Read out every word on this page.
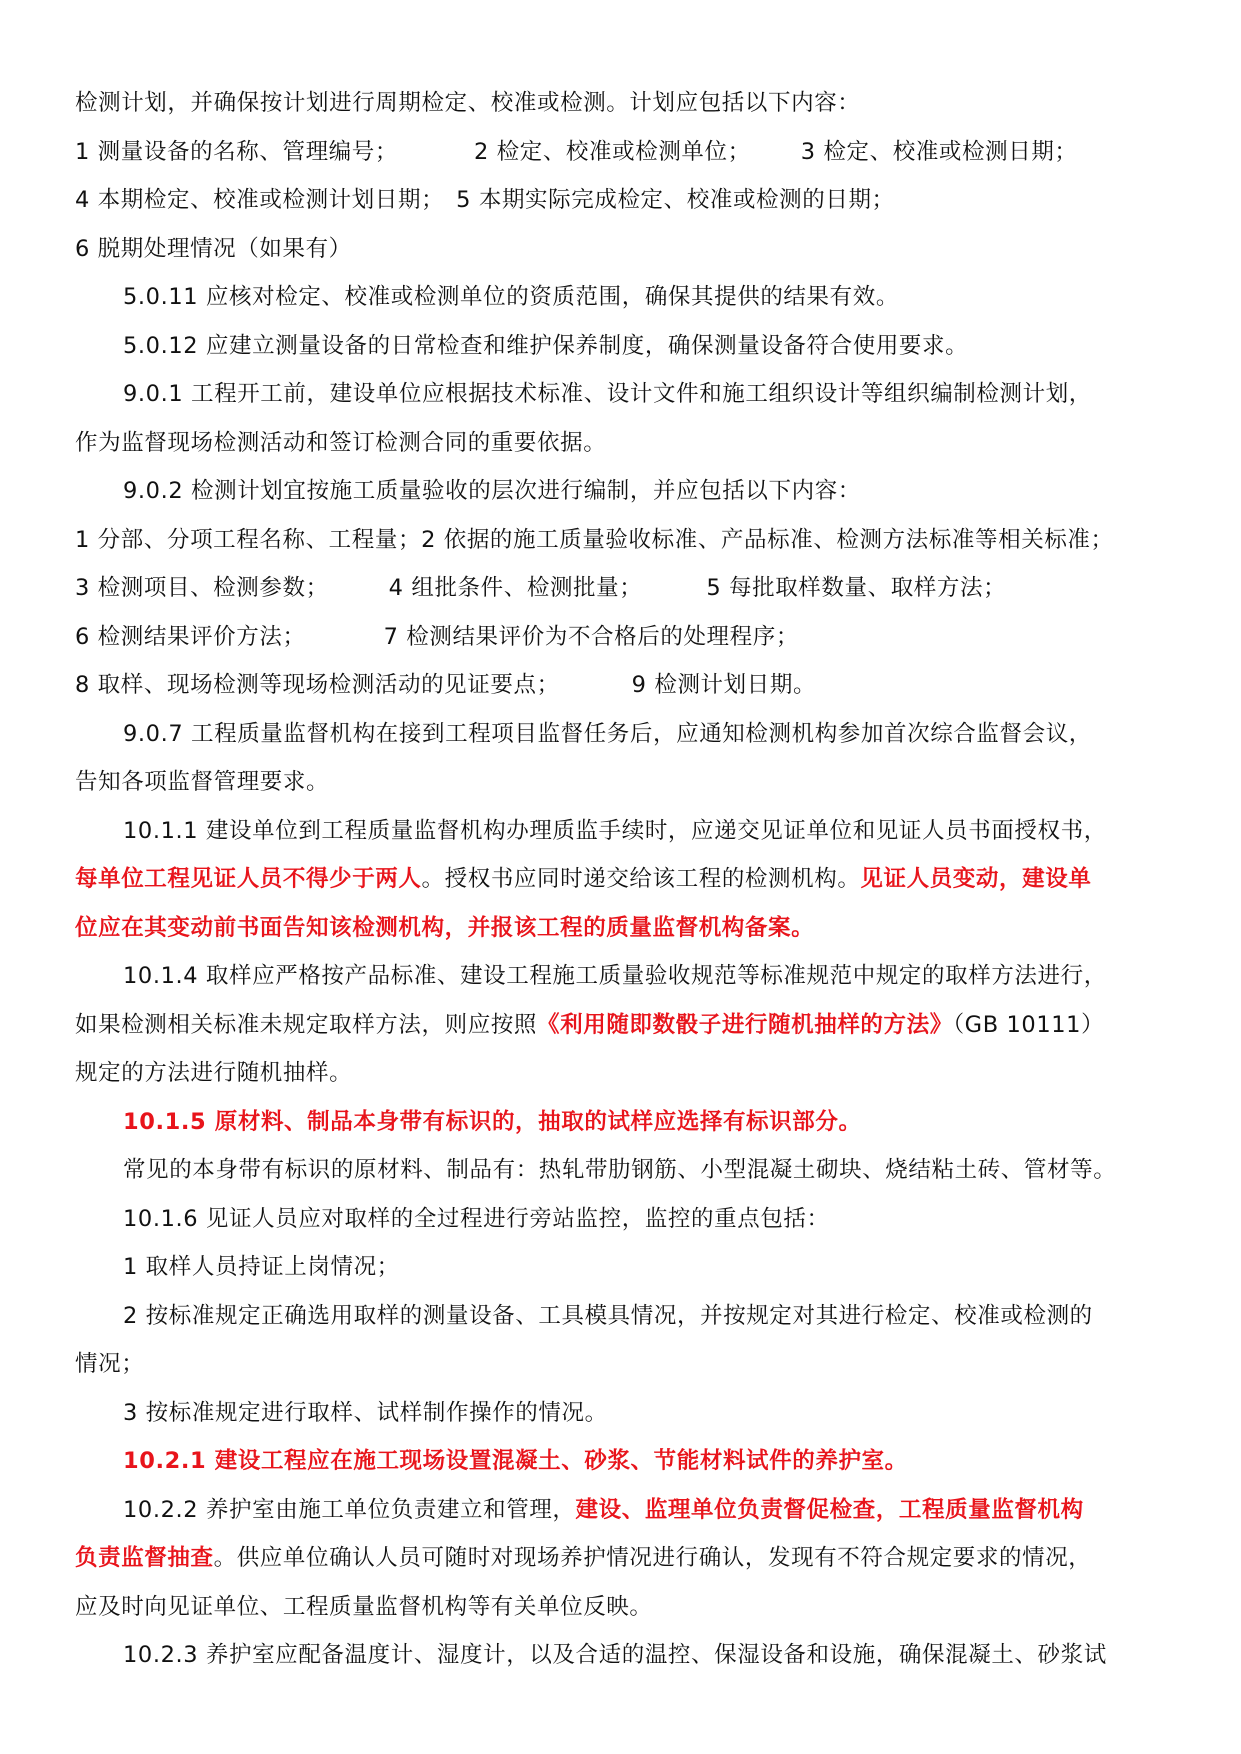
检测计划，并确保按计划进行周期检定、校准或检测。计划应包括以下内容：
1 测量设备的名称、管理编号；	2 检定、校准或检测单位； 3 检定、校准或检测日期；
4 本期检定、校准或检测计划日期； 5 本期实际完成检定、校准或检测的日期；
6 脱期处理情况（如果有）
5.0.11 应核对检定、校准或检测单位的资质范围，确保其提供的结果有效。
5.0.12 应建立测量设备的日常检查和维护保养制度，确保测量设备符合使用要求。
9.0.1 工程开工前，建设单位应根据技术标准、设计文件和施工组织设计等组织编制检测计划，
作为监督现场检测活动和签订检测合同的重要依据。
9.0.2 检测计划宜按施工质量验收的层次进行编制，并应包括以下内容：
1 分部、分项工程名称、工程量；2 依据的施工质量验收标准、产品标准、检测方法标准等相关标准；
3 检测项目、检测参数；	4 组批条件、检测批量；	5 每批取样数量、取样方法；
6 检测结果评价方法；	7 检测结果评价为不合格后的处理程序；
8 取样、现场检测等现场检测活动的见证要点；	9 检测计划日期。
9.0.7 工程质量监督机构在接到工程项目监督任务后，应通知检测机构参加首次综合监督会议，
告知各项监督管理要求。
10.1.1 建设单位到工程质量监督机构办理质监手续时，应递交见证单位和见证人员书面授权书，
每单位工程见证人员不得少于两人。授权书应同时递交给该工程的检测机构。见证人员变动，建设单
位应在其变动前书面告知该检测机构，并报该工程的质量监督机构备案。
10.1.4 取样应严格按产品标准、建设工程施工质量验收规范等标准规范中规定的取样方法进行，
如果检测相关标准未规定取样方法，则应按照《利用随即数骰子进行随机抽样的方法》（GB 10111）
规定的方法进行随机抽样。
10.1.5 原材料、制品本身带有标识的，抽取的试样应选择有标识部分。
常见的本身带有标识的原材料、制品有：热轧带肋钢筋、小型混凝土砌块、烧结粘土砖、管材等。
10.1.6 见证人员应对取样的全过程进行旁站监控，监控的重点包括：
1 取样人员持证上岗情况；
2 按标准规定正确选用取样的测量设备、工具模具情况，并按规定对其进行检定、校准或检测的
情况；
3 按标准规定进行取样、试样制作操作的情况。
10.2.1 建设工程应在施工现场设置混凝土、砂浆、节能材料试件的养护室。
10.2.2 养护室由施工单位负责建立和管理，建设、监理单位负责督促检查，工程质量监督机构
负责监督抽查。供应单位确认人员可随时对现场养护情况进行确认，发现有不符合规定要求的情况，
应及时向见证单位、工程质量监督机构等有关单位反映。
10.2.3 养护室应配备温度计、湿度计，以及合适的温控、保湿设备和设施，确保混凝土、砂浆试
